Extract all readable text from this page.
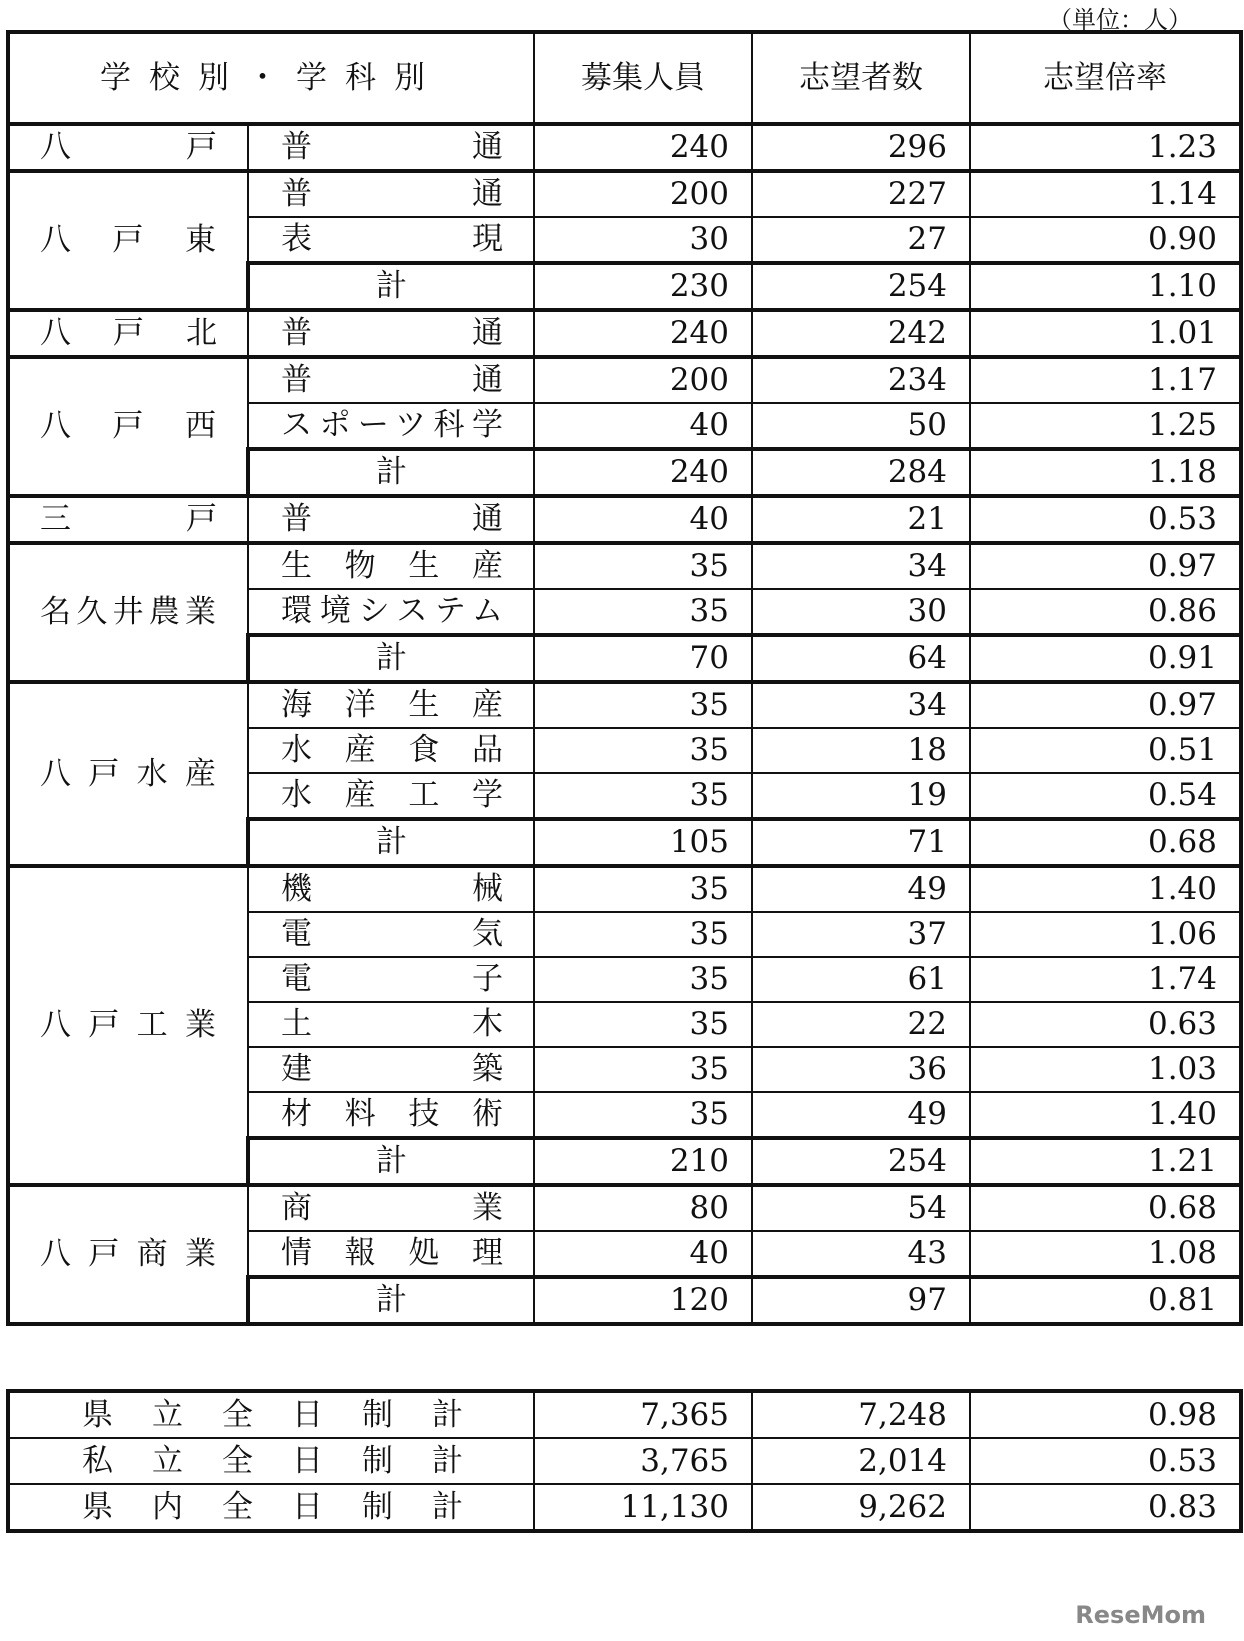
（単位：人）
学校別・学科別		募集人員	志望者数	志望倍率
八　　戸	普　　通	240	296	1.23
八戸東	普　　通	200	227	1.14
	表　　現	30	27	0.90
	計	230	254	1.10
八戸北	普　　通	240	242	1.01
八戸西	普　　通	200	234	1.17
	スポーツ科学	40	50	1.25
	計	240	284	1.18
三　　戸	普　　通	40	21	0.53
名久井農業	生物生産	35	34	0.97
	環境システム	35	30	0.86
	計	70	64	0.91
八戸水産	海洋生産	35	34	0.97
	水産食品	35	18	0.51
	水産工学	35	19	0.54
	計	105	71	0.68
八戸工業	機　　械	35	49	1.40
	電　　気	35	37	1.06
	電　　子	35	61	1.74
	土　　木	35	22	0.63
	建　　築	35	36	1.03
	材料技術	35	49	1.40
	計	210	254	1.21
八戸商業	商　　業	80	54	0.68
	情報処理	40	43	1.08
	計	120	97	0.81
県立全日制計	7,365	7,248	0.98
私立全日制計	3,765	2,014	0.53
県内全日制計	11,130	9,262	0.83
ReseMom
